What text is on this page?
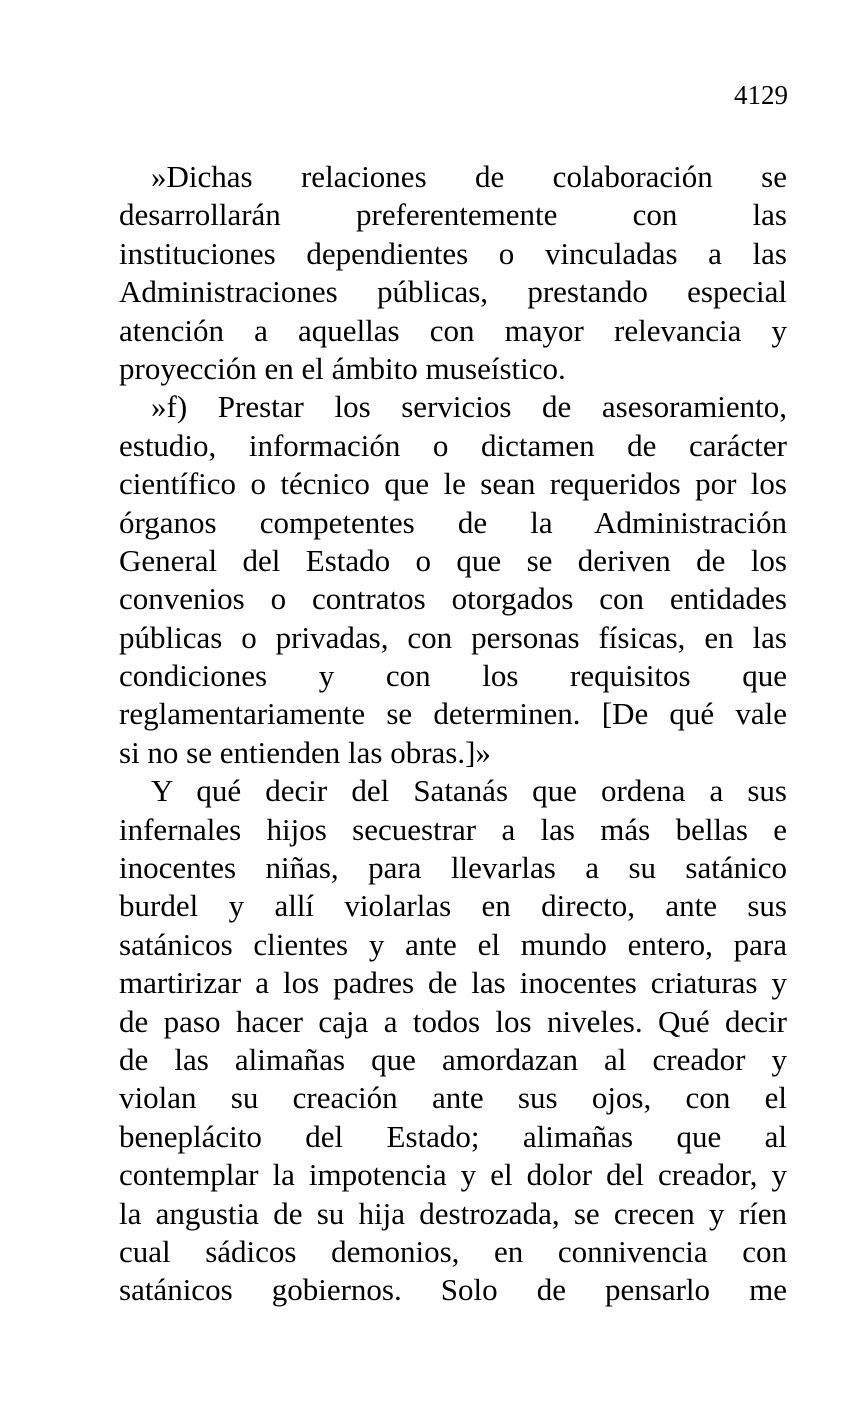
4129
»Dichas relaciones de colaboración se
desarrollarán preferentemente con las
instituciones dependientes o vinculadas a las
Administraciones públicas, prestando especial
atención a aquellas con mayor relevancia y
proyección en el ámbito museístico.
»f) Prestar los servicios de asesoramiento,
estudio, información o dictamen de carácter
científico o técnico que le sean requeridos por los
órganos competentes de la Administración
General del Estado o que se deriven de los
convenios o contratos otorgados con entidades
públicas o privadas, con personas físicas, en las
condiciones y con los requisitos que
reglamentariamente se determinen. [De qué vale
si no se entienden las obras.]»
Y qué decir del Satanás que ordena a sus
infernales hijos secuestrar a las más bellas e
inocentes niñas, para llevarlas a su satánico
burdel y allí violarlas en directo, ante sus
satánicos clientes y ante el mundo entero, para
martirizar a los padres de las inocentes criaturas y
de paso hacer caja a todos los niveles. Qué decir
de las alimañas que amordazan al creador y
violan su creación ante sus ojos, con el
beneplácito del Estado; alimañas que al
contemplar la impotencia y el dolor del creador, y
la angustia de su hija destrozada, se crecen y ríen
cual sádicos demonios, en connivencia con
satánicos gobiernos. Solo de pensarlo me
